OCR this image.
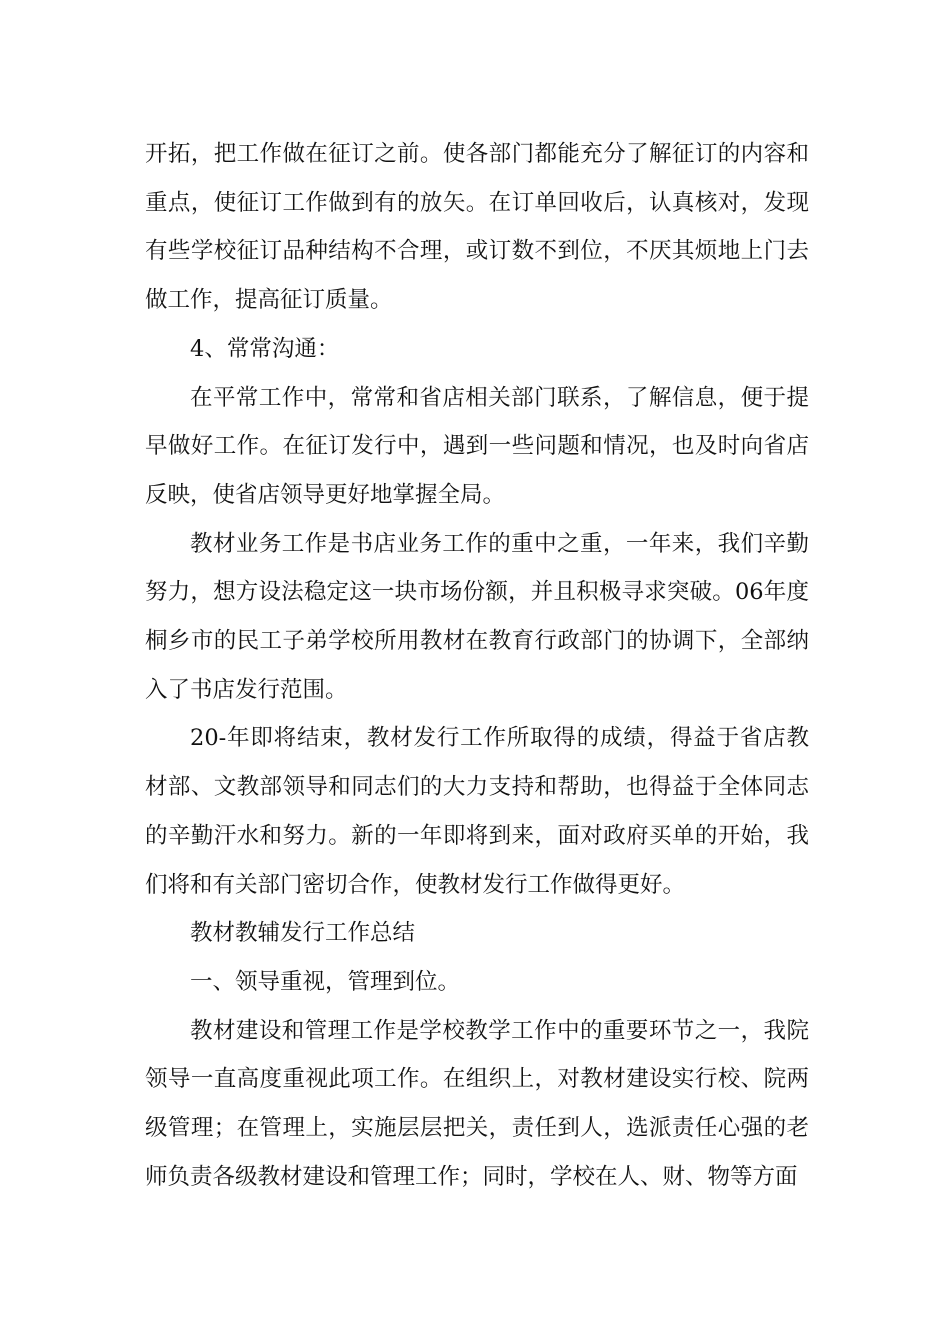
开拓，把工作做在征订之前。使各部门都能充分了解征订的内容和重点，使征订工作做到有的放矢。在订单回收后，认真核对，发现有些学校征订品种结构不合理，或订数不到位，不厌其烦地上门去做工作，提高征订质量。

4、常常沟通：

在平常工作中，常常和省店相关部门联系，了解信息，便于提早做好工作。在征订发行中，遇到一些问题和情况，也及时向省店反映，使省店领导更好地掌握全局。

教材业务工作是书店业务工作的重中之重，一年来，我们辛勤努力，想方设法稳定这一块市场份额，并且积极寻求突破。06年度桐乡市的民工子弟学校所用教材在教育行政部门的协调下，全部纳入了书店发行范围。

20-年即将结束，教材发行工作所取得的成绩，得益于省店教材部、文教部领导和同志们的大力支持和帮助，也得益于全体同志的辛勤汗水和努力。新的一年即将到来，面对政府买单的开始，我们将和有关部门密切合作，使教材发行工作做得更好。

教材教辅发行工作总结

一、领导重视，管理到位。

教材建设和管理工作是学校教学工作中的重要环节之一，我院领导一直高度重视此项工作。在组织上，对教材建设实行校、院两级管理；在管理上，实施层层把关，责任到人，选派责任心强的老师负责各级教材建设和管理工作；同时，学校在人、财、物等方面
